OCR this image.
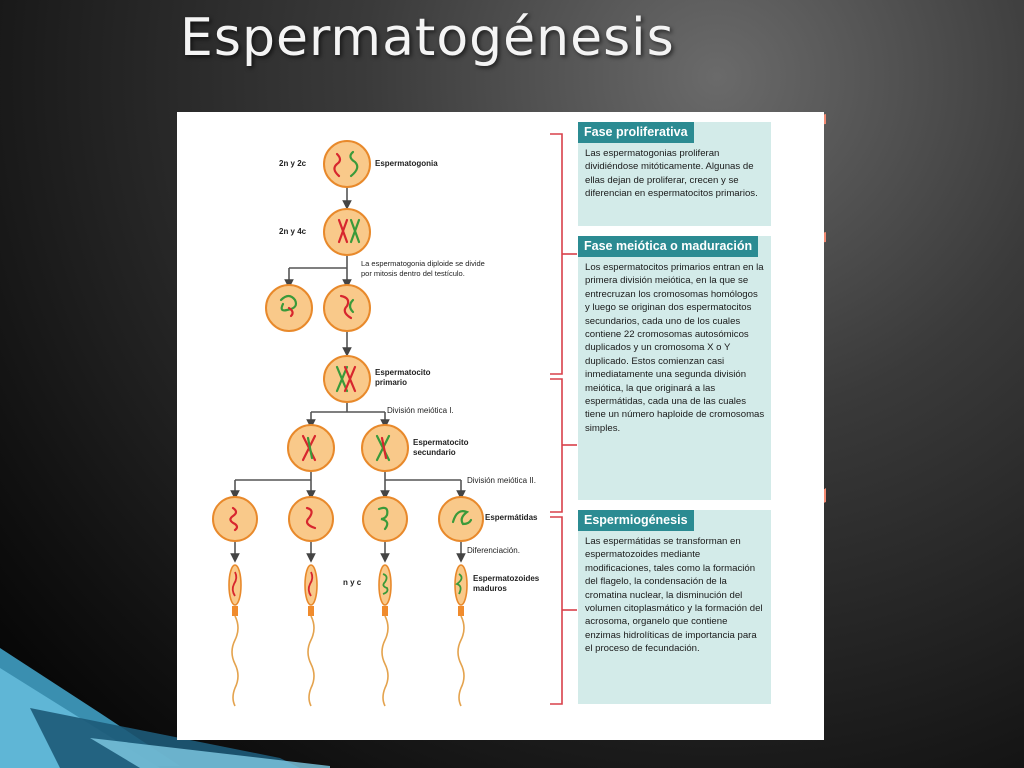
Espermatogénesis
2n y 2c
2n y 4c
Espermatogonia
La espermatogonia diploide se divide
por mitosis dentro del testículo.
Espermatocito
primario
División meiótica I.
Espermatocito
secundario
División meiótica II.
Espermátidas
Diferenciación.
n y c	Espermatozoides
maduros
Fase proliferativa
Las espermatogonias proliferan dividiéndose mitóticamente. Algunas de ellas dejan de proliferar, crecen y se diferencian en espermatocitos primarios.
Fase meiótica o maduración
Los espermatocitos primarios entran en la primera división meiótica, en la que se entrecruzan los cromosomas homólogos y luego se originan dos espermatocitos secundarios, cada uno de los cuales contiene 22 cromosomas autosómicos duplicados y un cromosoma X o Y duplicado. Estos comienzan casi inmediatamente una segunda división meiótica, la que originará a las espermátidas, cada una de las cuales tiene un número haploide de cromosomas simples.
Espermiogénesis
Las espermátidas se transforman en espermatozoides mediante modificaciones, tales como la formación del flagelo, la condensación de la cromatina nuclear, la disminución del volumen citoplasmático y la formación del acrosoma, organelo que contiene enzimas hidrolíticas de importancia para el proceso de fecundación.
